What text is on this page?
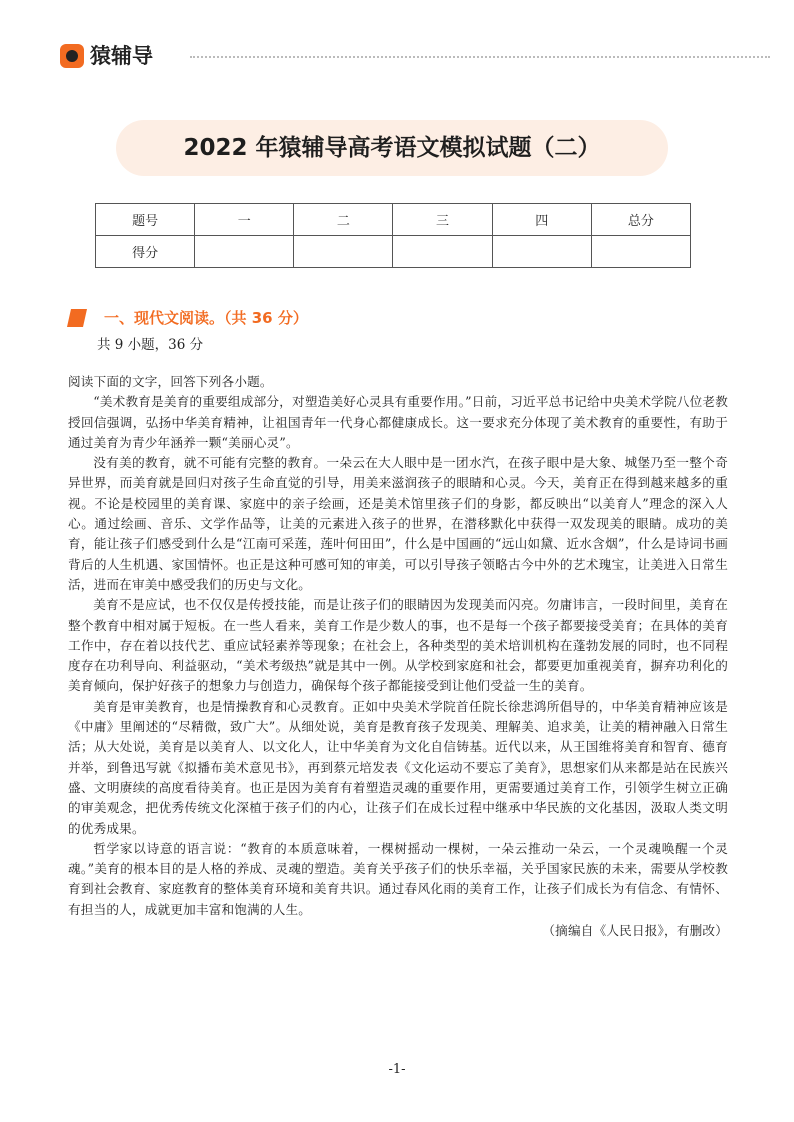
猿辅导
2022 年猿辅导高考语文模拟试题（二）
题号	一	二	三	四	总分
得分					
一、现代文阅读。（共 36 分）
共 9 小题，36 分

阅读下面的文字，回答下列各小题。

“美术教育是美育的重要组成部分，对塑造美好心灵具有重要作用。”日前，习近平总书记给中央美术学院八位老教授回信强调，弘扬中华美育精神，让祖国青年一代身心都健康成长。这一要求充分体现了美术教育的重要性，有助于通过美育为青少年涵养一颗“美丽心灵”。

没有美的教育，就不可能有完整的教育。一朵云在大人眼中是一团水汽，在孩子眼中是大象、城堡乃至一整个奇异世界，而美育就是回归对孩子生命直觉的引导，用美来滋润孩子的眼睛和心灵。今天，美育正在得到越来越多的重视。不论是校园里的美育课、家庭中的亲子绘画，还是美术馆里孩子们的身影，都反映出“以美育人”理念的深入人心。通过绘画、音乐、文学作品等，让美的元素进入孩子的世界，在潜移默化中获得一双发现美的眼睛。成功的美育，能让孩子们感受到什么是“江南可采莲，莲叶何田田”，什么是中国画的“远山如黛、近水含烟”，什么是诗词书画背后的人生机遇、家国情怀。也正是这种可感可知的审美，可以引导孩子领略古今中外的艺术瑰宝，让美进入日常生活，进而在审美中感受我们的历史与文化。

美育不是应试，也不仅仅是传授技能，而是让孩子们的眼睛因为发现美而闪亮。勿庸讳言，一段时间里，美育在整个教育中相对属于短板。在一些人看来，美育工作是少数人的事，也不是每一个孩子都要接受美育；在具体的美育工作中，存在着以技代艺、重应试轻素养等现象；在社会上，各种类型的美术培训机构在蓬勃发展的同时，也不同程度存在功利导向、利益驱动，“美术考级热”就是其中一例。从学校到家庭和社会，都要更加重视美育，摒弃功利化的美育倾向，保护好孩子的想象力与创造力，确保每个孩子都能接受到让他们受益一生的美育。

美育是审美教育，也是情操教育和心灵教育。正如中央美术学院首任院长徐悲鸿所倡导的，中华美育精神应该是《中庸》里阐述的“尽精微，致广大”。从细处说，美育是教育孩子发现美、理解美、追求美，让美的精神融入日常生活；从大处说，美育是以美育人、以文化人，让中华美育为文化自信铸基。近代以来，从王国维将美育和智育、德育并举，到鲁迅写就《拟播布美术意见书》，再到蔡元培发表《文化运动不要忘了美育》，思想家们从来都是站在民族兴盛、文明赓续的高度看待美育。也正是因为美育有着塑造灵魂的重要作用，更需要通过美育工作，引领学生树立正确的审美观念，把优秀传统文化深植于孩子们的内心，让孩子们在成长过程中继承中华民族的文化基因，汲取人类文明的优秀成果。

哲学家以诗意的语言说：“教育的本质意味着，一棵树摇动一棵树，一朵云推动一朵云，一个灵魂唤醒一个灵魂。”美育的根本目的是人格的养成、灵魂的塑造。美育关乎孩子们的快乐幸福，关乎国家民族的未来，需要从学校教育到社会教育、家庭教育的整体美育环境和美育共识。通过春风化雨的美育工作，让孩子们成长为有信念、有情怀、有担当的人，成就更加丰富和饱满的人生。

（摘编自《人民日报》，有删改）

-1-
